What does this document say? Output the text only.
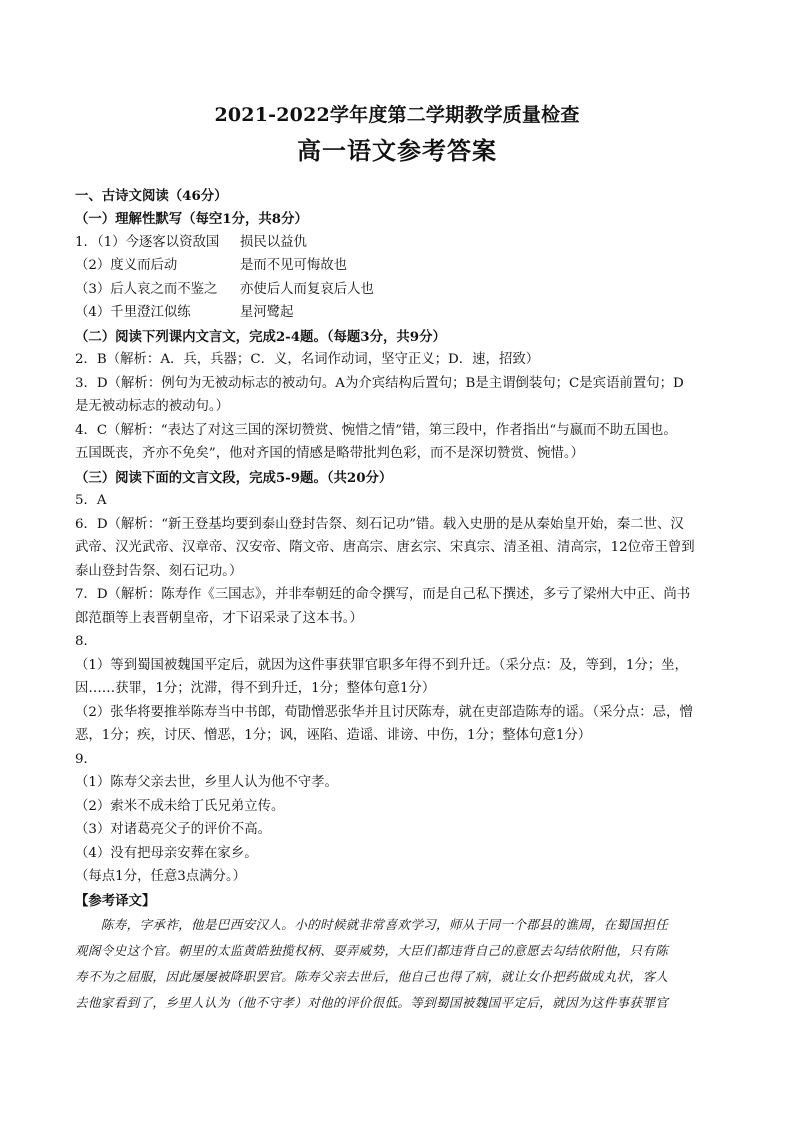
2021-2022学年度第二学期教学质量检查
高一语文参考答案
一、古诗文阅读（46分）
（一）理解性默写（每空1分，共8分）
1．（1）今逐客以资敌国
（2）度义而后动
（3）后人哀之而不鉴之
（4）千里澄江似练
损民以益仇
是而不见可悔故也
亦使后人而复哀后人也
星河鹭起
（二）阅读下列课内文言文，完成2-4题。（每题3分，共9分）
2．B（解析：A．兵，兵器；C．义，名词作动词，坚守正义；D．速，招致）
3．D（解析：例句为无被动标志的被动句。A为介宾结构后置句；B是主谓倒装句；C是宾语前置句；D
是无被动标志的被动句。）
4．C（解析：“表达了对这三国的深切赞赏、惋惜之情”错，第三段中，作者指出“与嬴而不助五国也。
五国既丧，齐亦不免矣”，他对齐国的情感是略带批判色彩，而不是深切赞赏、惋惜。）
（三）阅读下面的文言文段，完成5-9题。（共20分）
5．A
6．D（解析：“新王登基均要到泰山登封告祭、刻石记功”错。载入史册的是从秦始皇开始，秦二世、汉
武帝、汉光武帝、汉章帝、汉安帝、隋文帝、唐高宗、唐玄宗、宋真宗、清圣祖、清高宗，12位帝王曾到
泰山登封告祭、刻石记功。）
7．D（解析：陈寿作《三国志》，并非奉朝廷的命令撰写，而是自己私下撰述，多亏了梁州大中正、尚书
郎范頵等上表晋朝皇帝，才下诏采录了这本书。）
8．
（1）等到蜀国被魏国平定后，就因为这件事获罪官职多年得不到升迁。（采分点：及，等到，1分；坐，
因……获罪，1分；沈滞，得不到升迁，1分；整体句意1分）
（2）张华将要推举陈寿当中书郎，荀勖憎恶张华并且讨厌陈寿，就在吏部造陈寿的谣。（采分点：忌，憎
恶，1分；疾，讨厌、憎恶，1分；讽，诬陷、造谣、诽谤、中伤，1分；整体句意1分）
9．
（1）陈寿父亲去世，乡里人认为他不守孝。
（2）索米不成未给丁氏兄弟立传。
（3）对诸葛亮父子的评价不高。
（4）没有把母亲安葬在家乡。
（每点1分，任意3点满分。）
【参考译文】
　　陈寿，字承祚，他是巴西安汉人。小的时候就非常喜欢学习，师从于同一个郡县的谯周，在蜀国担任
观阁令史这个官。朝里的太监黄皓独揽权柄、耍弄威势，大臣们都违背自己的意愿去勾结依附他，只有陈
寿不为之屈服，因此屡屡被降职罢官。陈寿父亲去世后，他自己也得了病，就让女仆把药做成丸状，客人
去他家看到了，乡里人认为（他不守孝）对他的评价很低。等到蜀国被魏国平定后，就因为这件事获罪官
